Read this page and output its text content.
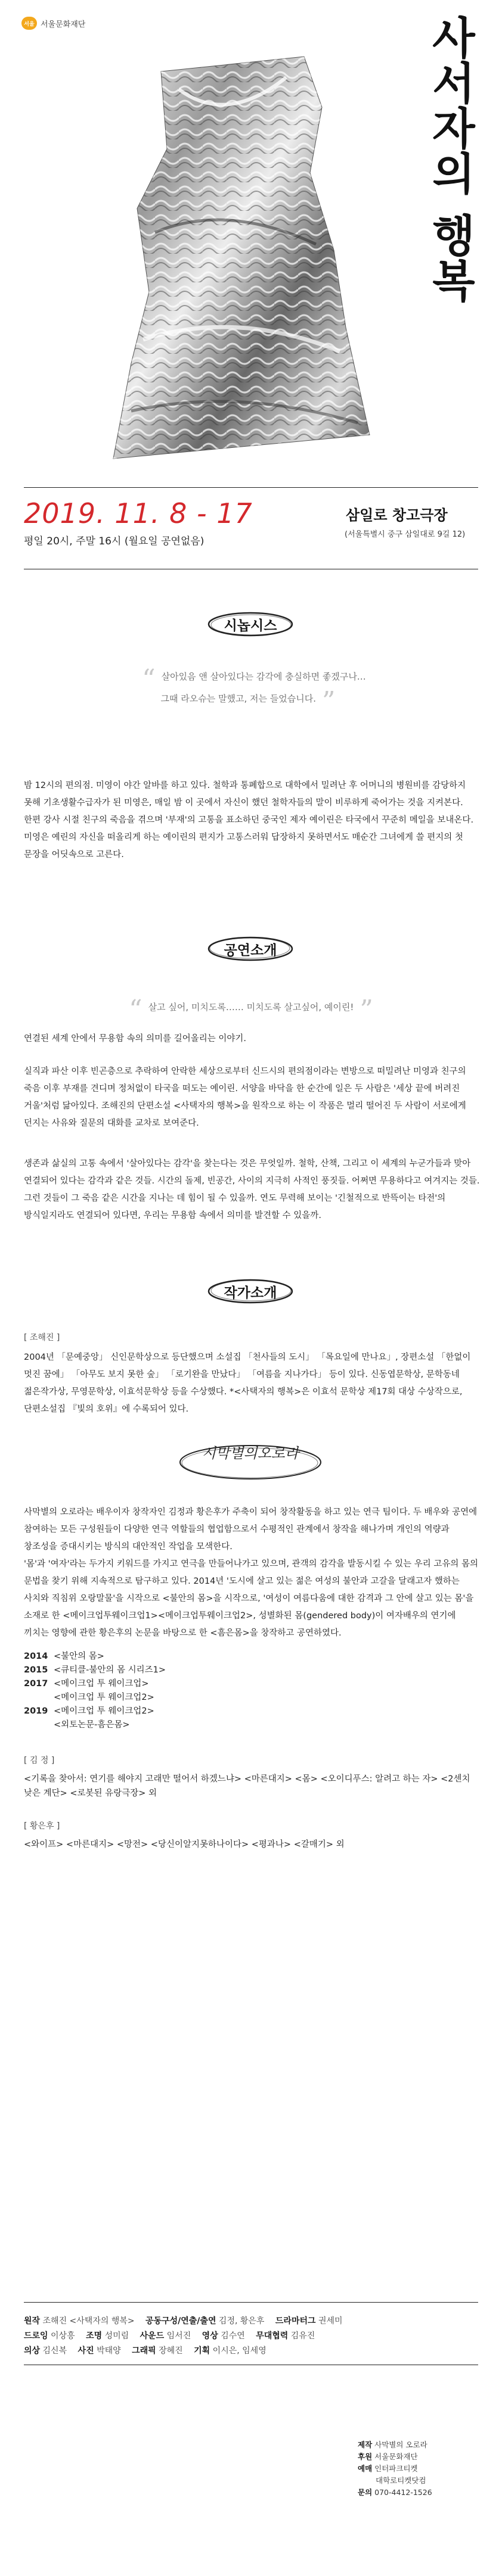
서울 서울문화재단	사서자의 행복
2019. 11. 8 - 17
평일 20시, 주말 16시 (월요일 공연없음)
삼일로 창고극장
(서울특별시 중구 삼일대로 9길 12)
시놉시스
“ 살아있음 앤 살아있다는 감각에 충실하면 좋겠구나…
그때 라오슈는 말했고, 저는 들었습니다. ”

밤 12시의 편의점. 미영이 야간 알바를 하고 있다. 철학과 통폐합으로 대학에서 밀려난 후 어머니의 병원비를 감당하지 못해 기초생활수급자가 된 미영은, 매일 밤 이 곳에서 자신이 했던 철학자들의 말이 비루하게 죽어가는 것을 지켜본다. 한편 강사 시절 친구의 죽음을 겪으며 '부재'의 고통을 표소하던 중국인 제자 예이린은 타국에서 꾸준히 메일을 보내온다. 미영은 예린의 자신을 떠올리게 하는 예이린의 편지가 고통스러워 답장하지 못하면서도 매순간 그녀에게 쓸 편지의 첫 문장을 어딧속으로 고른다.

공연소개
“ 살고 싶어, 미치도록…… 미치도록 살고싶어, 예이린! ”

연결된 세계 안에서 무용함 속의 의미를 길어올리는 이야기.

실직과 파산 이후 빈곤층으로 추락하여 안락한 세상으로부터 신드시의 편의점이라는 변방으로 떠밀려난 미영과 친구의 죽음 이후 부재를 견디며 정처없이 타국을 떠도는 예이린. 서양을 바닥을 한 순간에 일은 두 사람은 '세상 끝에 버려진 거울'처럼 닮아있다. 조해진의 단편소설 <사택자의 행복>을 원작으로 하는 이 작품은 멀리 떨어진 두 사람이 서로에게 던지는 사유와 질문의 대화를 교차로 보여준다.

생존과 삶실의 고통 속에서 '살아있다는 감각'을 찾는다는 것은 무엇일까. 철학, 산책, 그리고 이 세계의 누군가들과 맞아 연결되어 있다는 감각과 같은 것들. 시간의 돌제, 빈공간, 사이의 지극히 사적인 풍짓들. 어쩌면 무용하다고 여겨지는 것들. 그런 것들이 그 죽음 같은 시간을 지나는 데 힘이 될 수 있을까. 연도 무력해 보이는 '긴철적으로 반뜩이는 타전'의 방식일지라도 연결되어 있다면, 우리는 무용함 속에서 의미를 발견할 수 있을까.

작가소개
[ 조해진 ]

2004년 「문예중앙」 신인문학상으로 등단했으며 소설집 「천사들의 도시」 「목요일에 만나요」, 장편소설 「한없이 멋진 꿈에」 「아무도 보지 못한 숲」 「로기완을 만났다」 「여름을 지나가다」 등이 있다. 신동엽문학상, 문학동네 젊은작가상, 무영문학상, 이효석문학상 등을 수상했다. *<사택자의 행복>은 이효석 문학상 제17회 대상 수상작으로, 단편소설집 『빛의 호위』에 수록되어 있다.

시막별의오로라

사막별의 오로라는 배우이자 창작자인 김정과 황은후가 주축이 되어 창작활동을 하고 있는 연극 팀이다. 두 배우와 공연에 참여하는 모든 구성원들이 다양한 연극 역할들의 협업함으로서 수평적인 관계에서 창작을 해나가며 개인의 역량과 창조성을 증대시키는 방식의 대안적인 작업을 모색한다.
'몸'과 '여자'라는 두가지 키워드를 가지고 연극을 만들어나가고 있으며, 관객의 감각을 발동시킬 수 있는 우리 고유의 몸의 문법을 찾기 위해 지속적으로 탐구하고 있다. 2014년 '도시에 살고 있는 젊은 여성의 불안과 고갈을 달래고자 했하는 사치와 직침위 오랑말물'을 시작으로 <불안의 몸>을 시작으로, '여성이 여름다움에 대한 감격과 그 안에 살고 있는 몸'을 소재로 한 <메이크업투웨이크업1><메이크업투웨이크업2>, 성별화된 몸(gendered body)이 여자배우의 연기에 끼치는 영향에 관한 황은후의 논문을 바탕으로 한 <흠은몸>을 창작하고 공연하였다.

2014 <불안의 몸>
2015 <큐티클-불안의 몸 시리즈1>
2017 <메이크업 투 웨이크업>
<메이크업 투 웨이크업2>
2019 <메이크업 투 웨이크업2>
<외토논문-흠은몸>
[ 김 정 ]

<기록을 찾아서: 연기를 해야지 고래만 떨어서 하겠느냐> <마른대지> <몸> <오이디푸스: 알려고 하는 자> <2센치 낮은 계단> <로봇된 유랑극장> 외

[ 황은후 ]

<와이프> <마른대지> <망전> <당신이알지못하나이다> <평과나> <갈매기> 외

원작 조해진 <사택자의 행복> 공동구성/연출/출연 김정, 황은후 드라마터그 권세미
드로잉 이상흥 조명 성미림 사운드 임서진 영상 김수연 무대협력 김유진
의상 김신복 사진 박태양 그래픽 장혜진 기획 이시은, 임세영
제작 사막별의 오로라
후원 서울문화재단
예매 인터파크티켓
대학로티켓닷컴
문의 070-4412-1526
